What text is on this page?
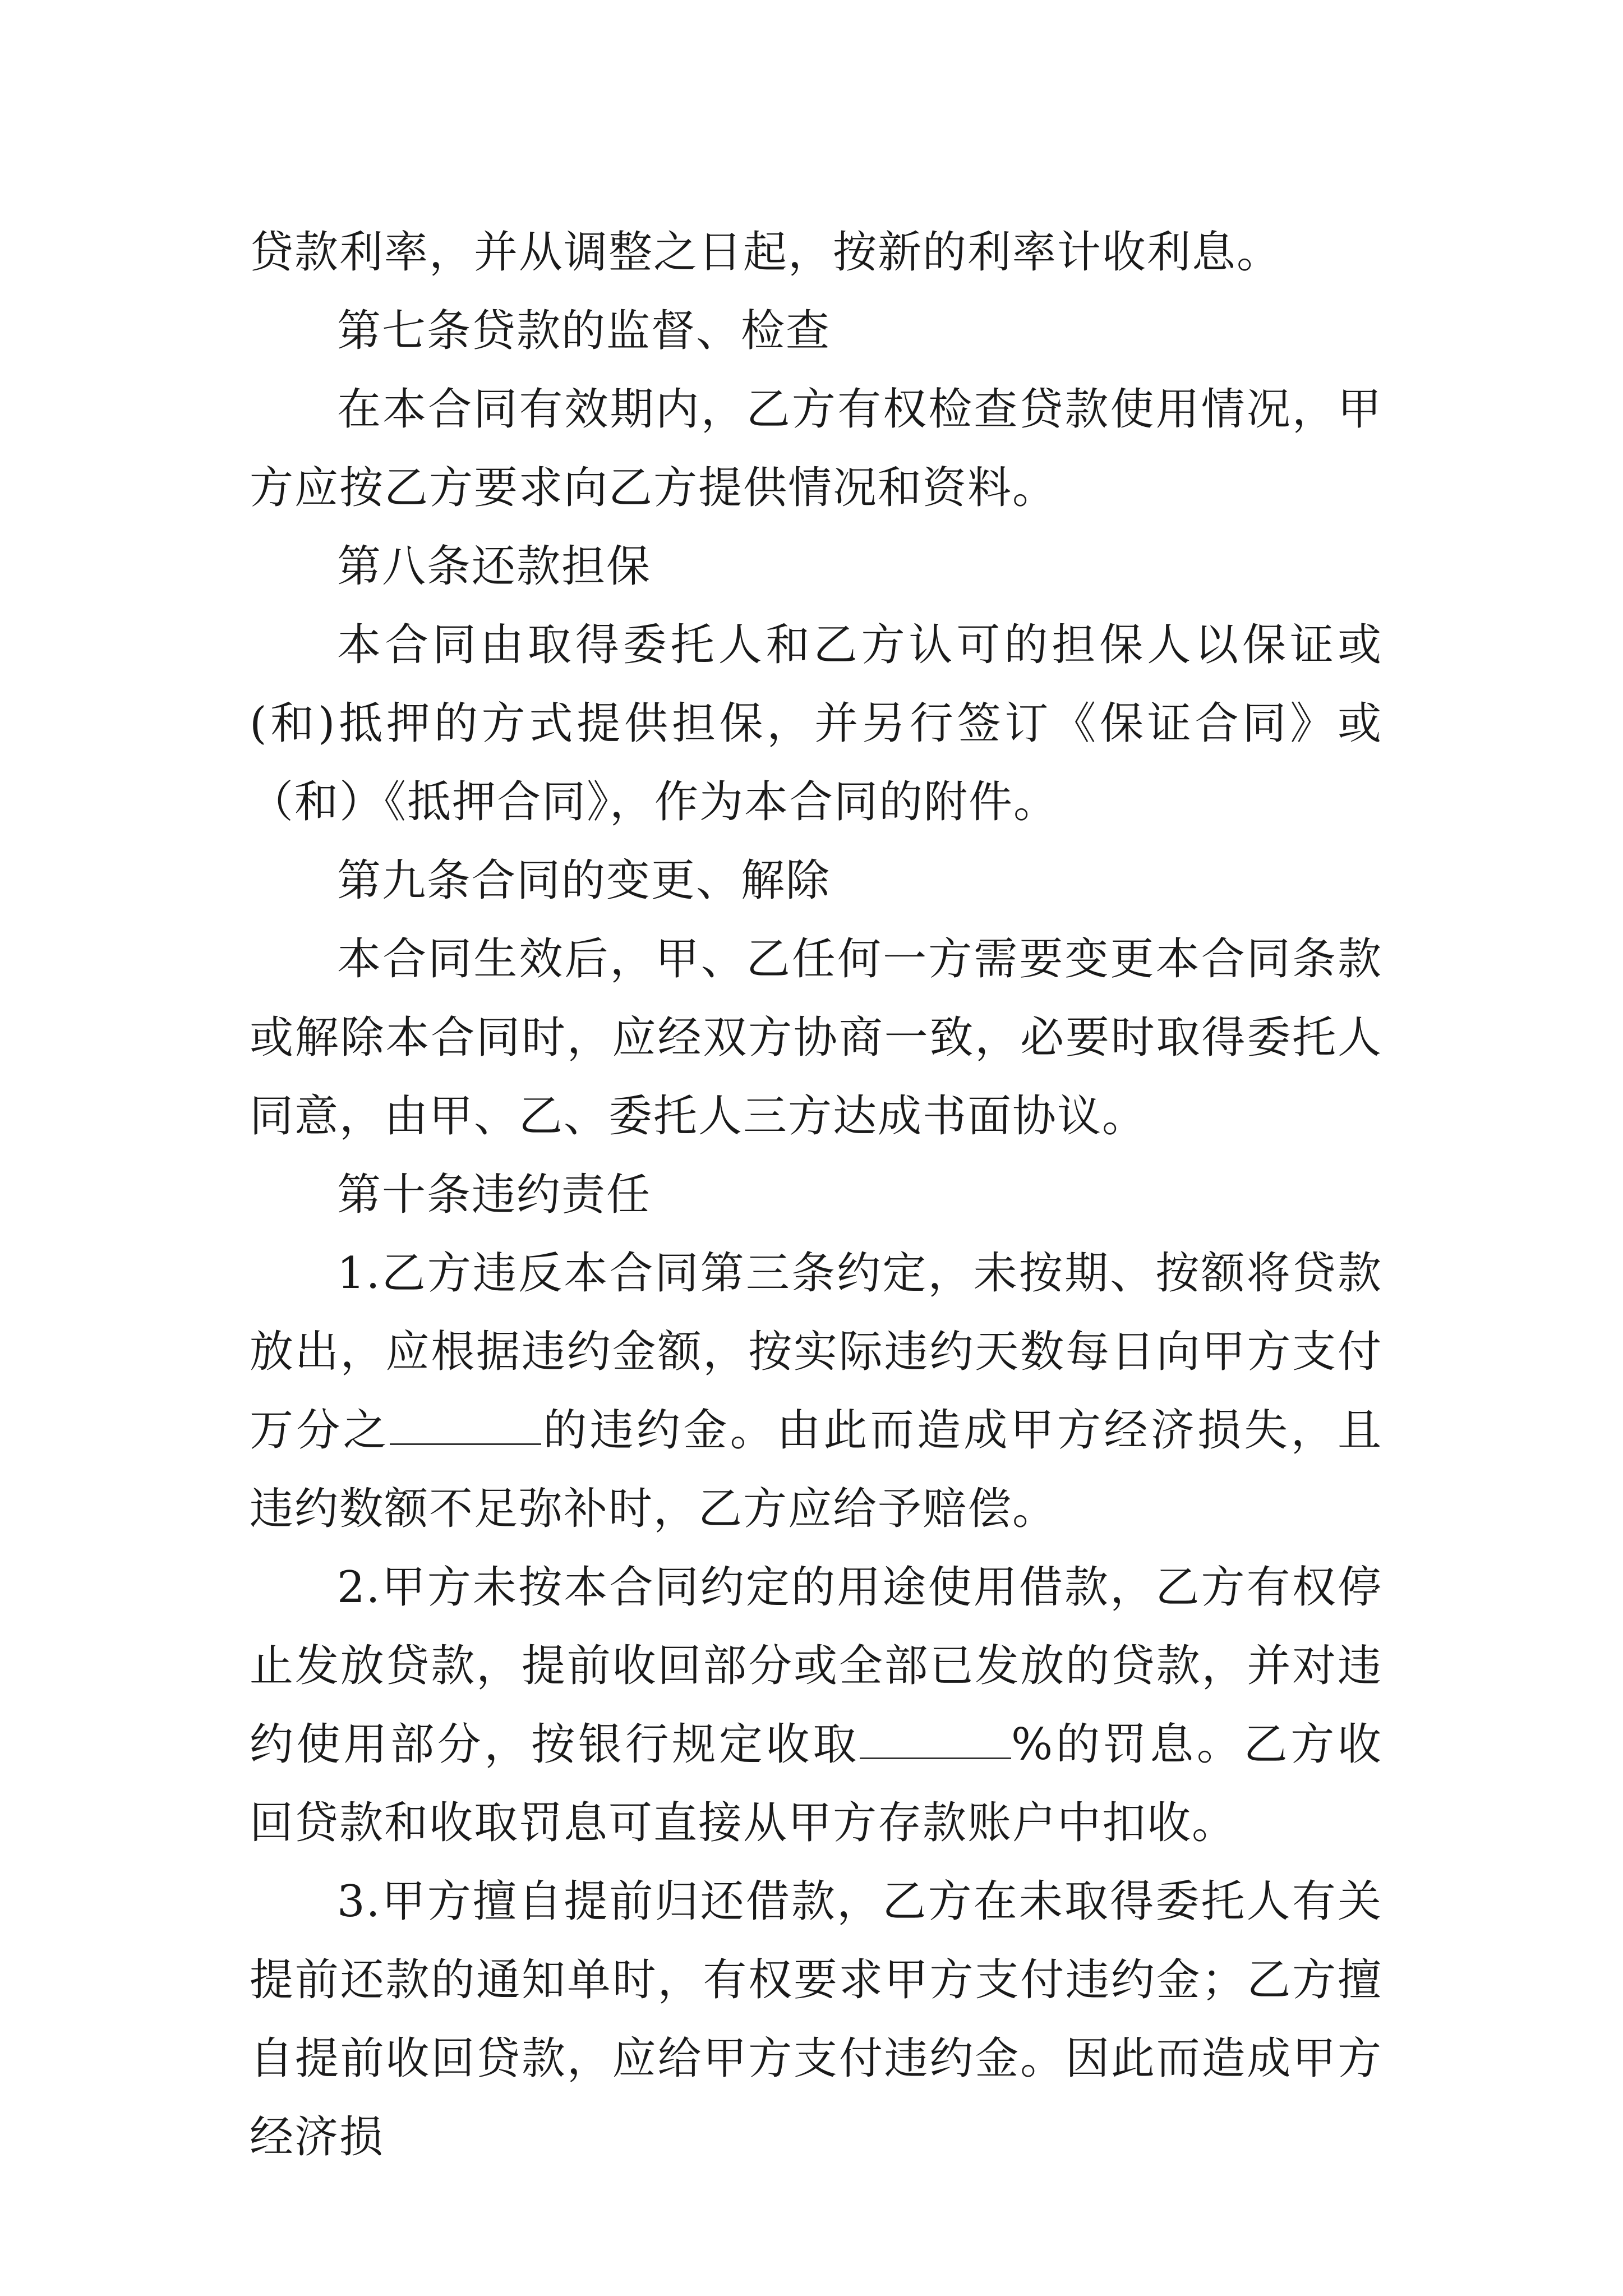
贷款利率，并从调整之日起，按新的利率计收利息。

第七条贷款的监督、检查

在本合同有效期内，乙方有权检查贷款使用情况，甲方应按乙方要求向乙方提供情况和资料。

第八条还款担保

本合同由取得委托人和乙方认可的担保人以保证或(和)抵押的方式提供担保，并另行签订《保证合同》或（和）《抵押合同》，作为本合同的附件。

第九条合同的变更、解除

本合同生效后，甲、乙任何一方需要变更本合同条款或解除本合同时，应经双方协商一致，必要时取得委托人同意，由甲、乙、委托人三方达成书面协议。

第十条违约责任

1.乙方违反本合同第三条约定，未按期、按额将贷款放出，应根据违约金额，按实际违约天数每日向甲方支付万分之	的违约金。由此而造成甲方经济损失，且违约数额不足弥补时，乙方应给予赔偿。

2.甲方未按本合同约定的用途使用借款，乙方有权停止发放贷款，提前收回部分或全部已发放的贷款，并对违约使用部分，按银行规定收取	%的罚息。乙方收回贷款和收取罚息可直接从甲方存款账户中扣收。

3.甲方擅自提前归还借款，乙方在未取得委托人有关提前还款的通知单时，有权要求甲方支付违约金；乙方擅自提前收回贷款，应给甲方支付违约金。因此而造成甲方经济损
